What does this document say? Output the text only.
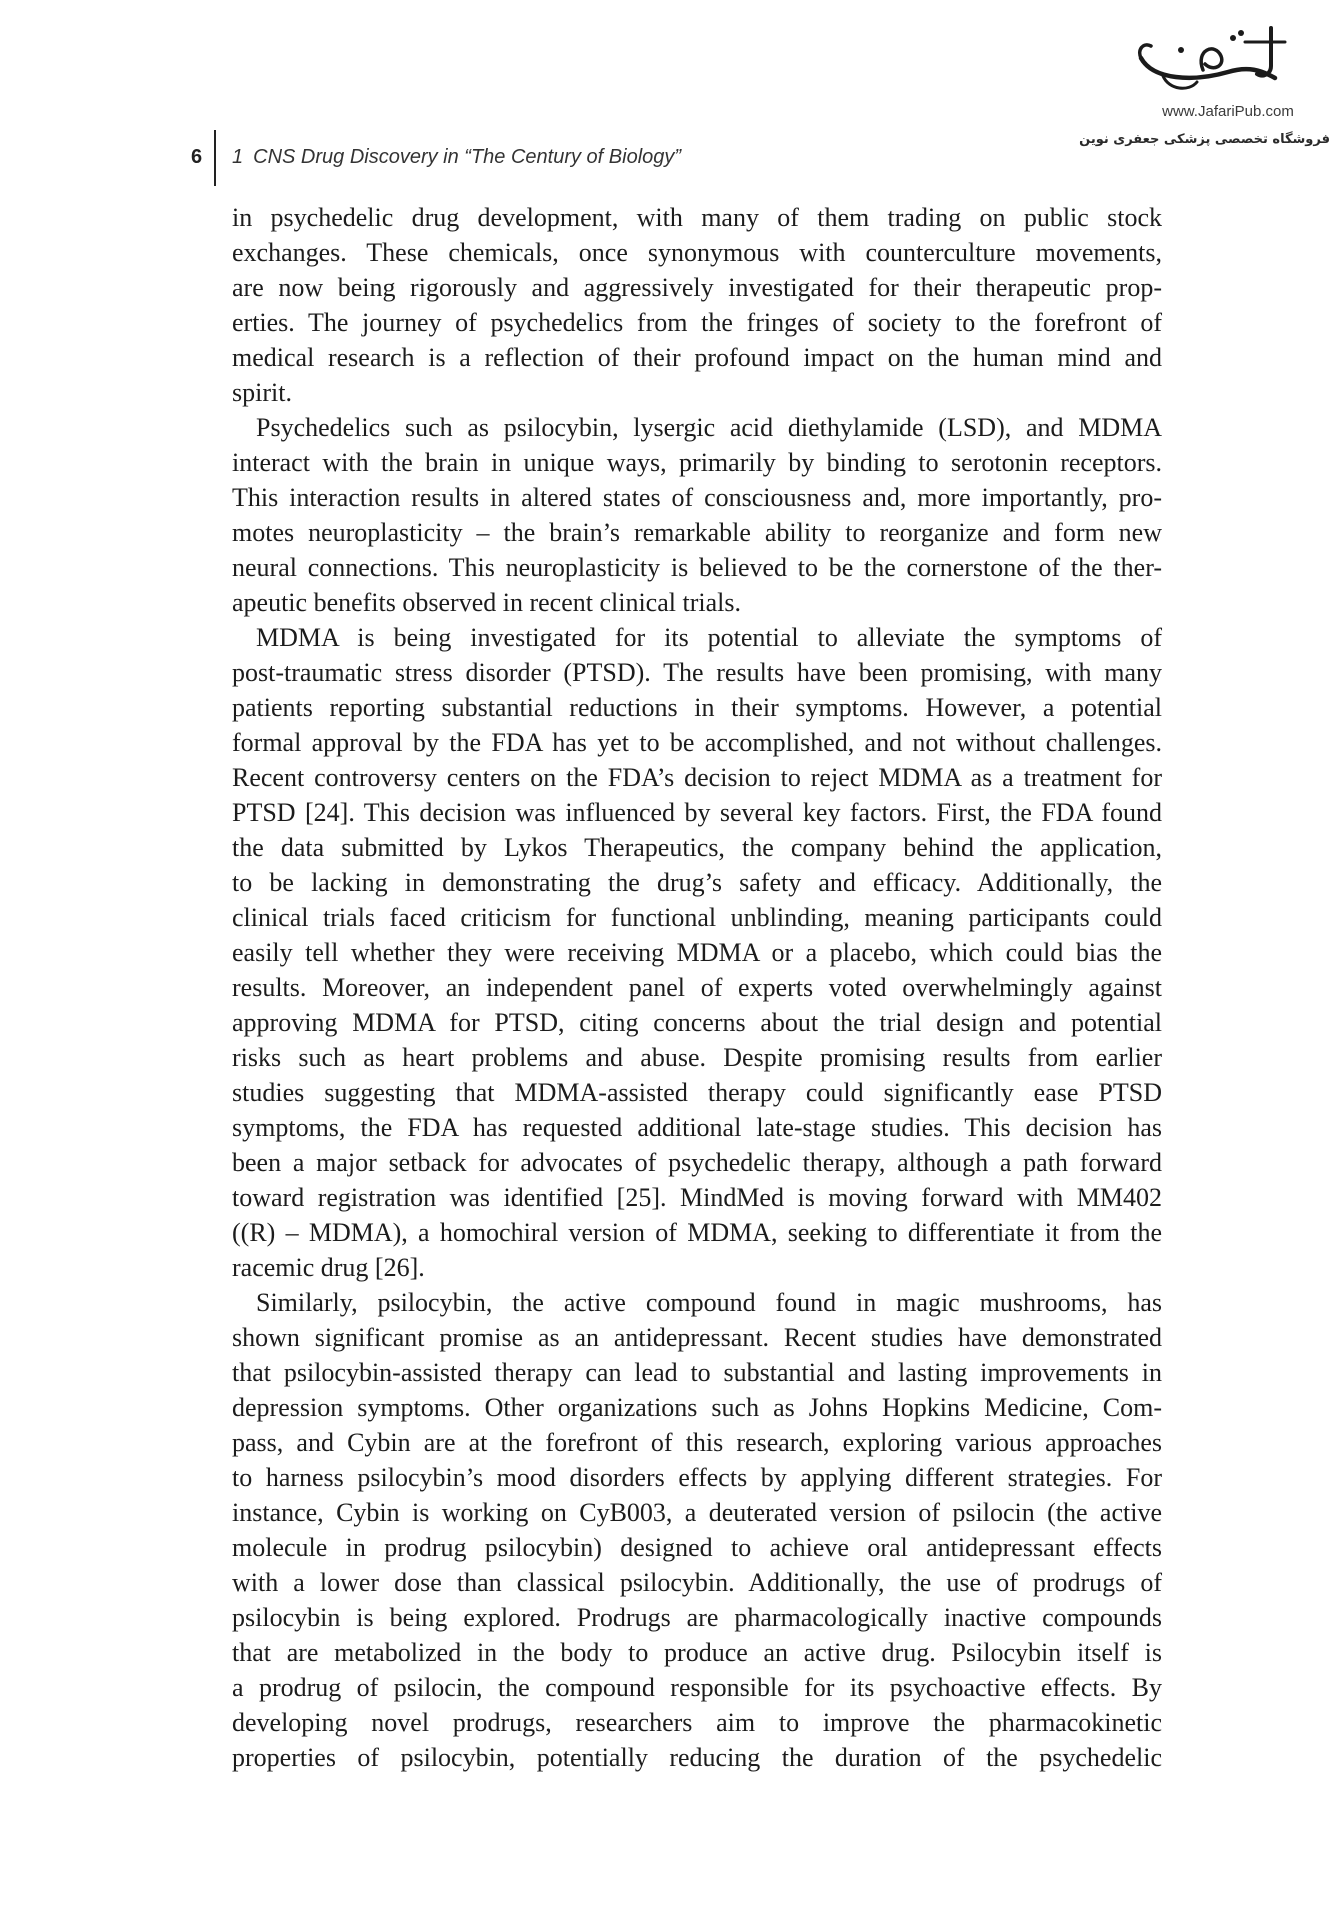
www.JafariPub.com
فروشگاه تخصصی پزشکی جعفری نوین
6 1 CNS Drug Discovery in “The Century of Biology”
in psychedelic drug development, with many of them trading on public stock
exchanges. These chemicals, once synonymous with counterculture movements,
are now being rigorously and aggressively investigated for their therapeutic prop-
erties. The journey of psychedelics from the fringes of society to the forefront of
medical research is a reflection of their profound impact on the human mind and
spirit.
Psychedelics such as psilocybin, lysergic acid diethylamide (LSD), and MDMA
interact with the brain in unique ways, primarily by binding to serotonin receptors.
This interaction results in altered states of consciousness and, more importantly, pro-
motes neuroplasticity – the brain’s remarkable ability to reorganize and form new
neural connections. This neuroplasticity is believed to be the cornerstone of the ther-
apeutic benefits observed in recent clinical trials.
MDMA is being investigated for its potential to alleviate the symptoms of
post-traumatic stress disorder (PTSD). The results have been promising, with many
patients reporting substantial reductions in their symptoms. However, a potential
formal approval by the FDA has yet to be accomplished, and not without challenges.
Recent controversy centers on the FDA’s decision to reject MDMA as a treatment for
PTSD [24]. This decision was influenced by several key factors. First, the FDA found
the data submitted by Lykos Therapeutics, the company behind the application,
to be lacking in demonstrating the drug’s safety and efficacy. Additionally, the
clinical trials faced criticism for functional unblinding, meaning participants could
easily tell whether they were receiving MDMA or a placebo, which could bias the
results. Moreover, an independent panel of experts voted overwhelmingly against
approving MDMA for PTSD, citing concerns about the trial design and potential
risks such as heart problems and abuse. Despite promising results from earlier
studies suggesting that MDMA-assisted therapy could significantly ease PTSD
symptoms, the FDA has requested additional late-stage studies. This decision has
been a major setback for advocates of psychedelic therapy, although a path forward
toward registration was identified [25]. MindMed is moving forward with MM402
((R) – MDMA), a homochiral version of MDMA, seeking to differentiate it from the
racemic drug [26].
Similarly, psilocybin, the active compound found in magic mushrooms, has
shown significant promise as an antidepressant. Recent studies have demonstrated
that psilocybin-assisted therapy can lead to substantial and lasting improvements in
depression symptoms. Other organizations such as Johns Hopkins Medicine, Com-
pass, and Cybin are at the forefront of this research, exploring various approaches
to harness psilocybin’s mood disorders effects by applying different strategies. For
instance, Cybin is working on CyB003, a deuterated version of psilocin (the active
molecule in prodrug psilocybin) designed to achieve oral antidepressant effects
with a lower dose than classical psilocybin. Additionally, the use of prodrugs of
psilocybin is being explored. Prodrugs are pharmacologically inactive compounds
that are metabolized in the body to produce an active drug. Psilocybin itself is
a prodrug of psilocin, the compound responsible for its psychoactive effects. By
developing novel prodrugs, researchers aim to improve the pharmacokinetic
properties of psilocybin, potentially reducing the duration of the psychedelic
